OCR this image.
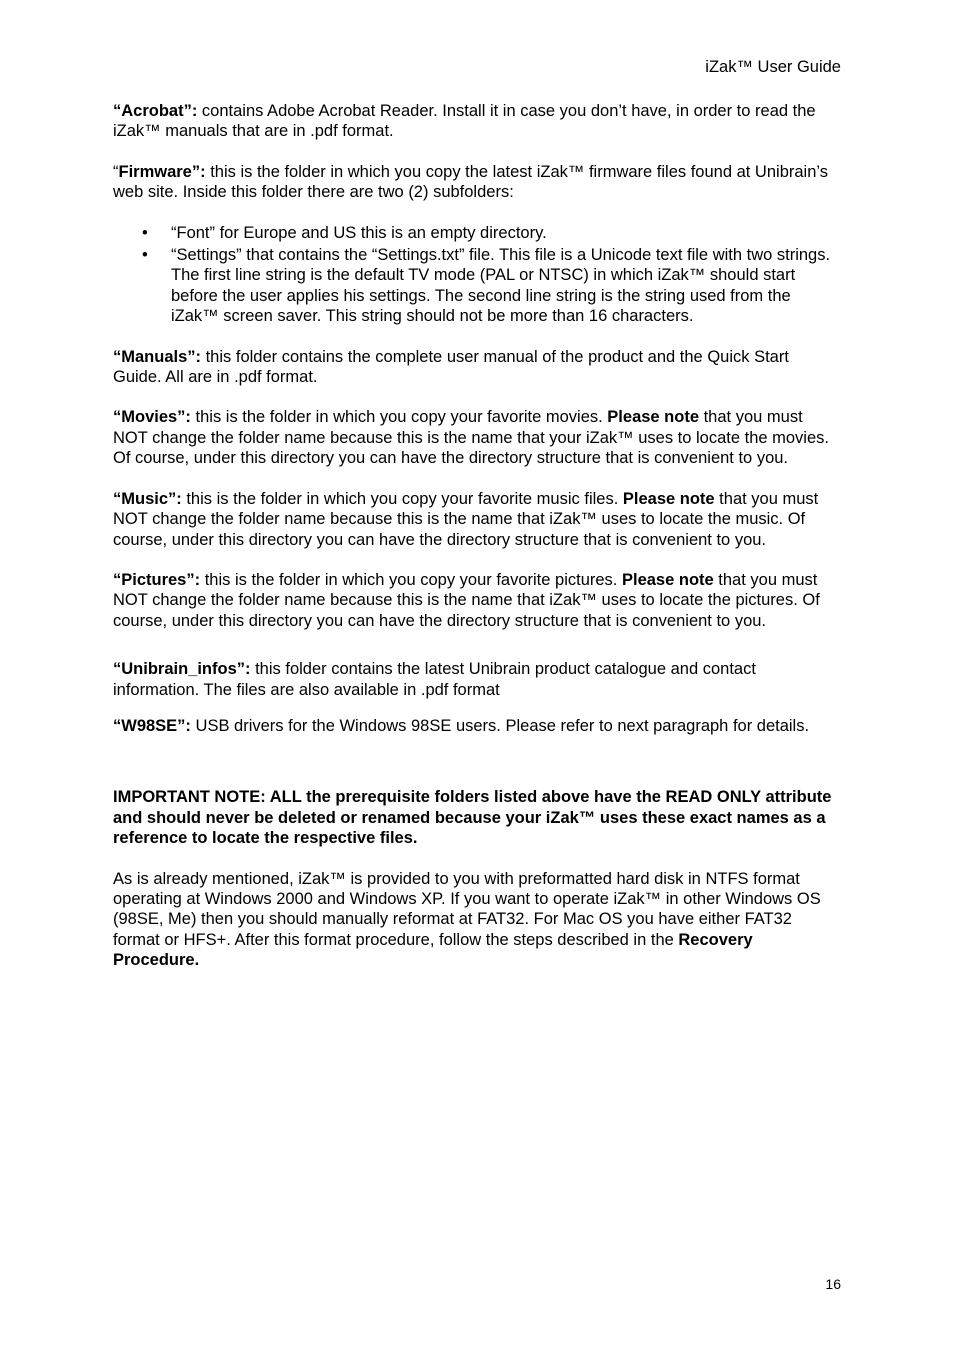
iZak™ User Guide

“Acrobat”: contains Adobe Acrobat Reader. Install it in case you don’t have, in order to read the iZak™ manuals that are in .pdf format.

“Firmware”: this is the folder in which you copy the latest iZak™ firmware files found at Unibrain’s web site. Inside this folder there are two (2) subfolders:

• “Font” for Europe and US this is an empty directory.
• “Settings” that contains the “Settings.txt” file. This file is a Unicode text file with two strings. The first line string is the default TV mode (PAL or NTSC) in which iZak™ should start before the user applies his settings. The second line string is the string used from the iZak™ screen saver. This string should not be more than 16 characters.

“Manuals”: this folder contains the complete user manual of the product and the Quick Start Guide. All are in .pdf format.

“Movies”: this is the folder in which you copy your favorite movies. Please note that you must NOT change the folder name because this is the name that your iZak™ uses to locate the movies. Of course, under this directory you can have the directory structure that is convenient to you.

“Music”: this is the folder in which you copy your favorite music files. Please note that you must NOT change the folder name because this is the name that iZak™ uses to locate the music. Of course, under this directory you can have the directory structure that is convenient to you.

“Pictures”: this is the folder in which you copy your favorite pictures. Please note that you must NOT change the folder name because this is the name that iZak™ uses to locate the pictures. Of course, under this directory you can have the directory structure that is convenient to you.

“Unibrain_infos”: this folder contains the latest Unibrain product catalogue and contact information. The files are also available in .pdf format

“W98SE”: USB drivers for the Windows 98SE users. Please refer to next paragraph for details.

IMPORTANT NOTE: ALL the prerequisite folders listed above have the READ ONLY attribute and should never be deleted or renamed because your iZak™ uses these exact names as a reference to locate the respective files.

As is already mentioned, iZak™ is provided to you with preformatted hard disk in NTFS format operating at Windows 2000 and Windows XP. If you want to operate iZak™ in other Windows OS (98SE, Me) then you should manually reformat at FAT32. For Mac OS you have either FAT32 format or HFS+. After this format procedure, follow the steps described in the Recovery Procedure.

16
